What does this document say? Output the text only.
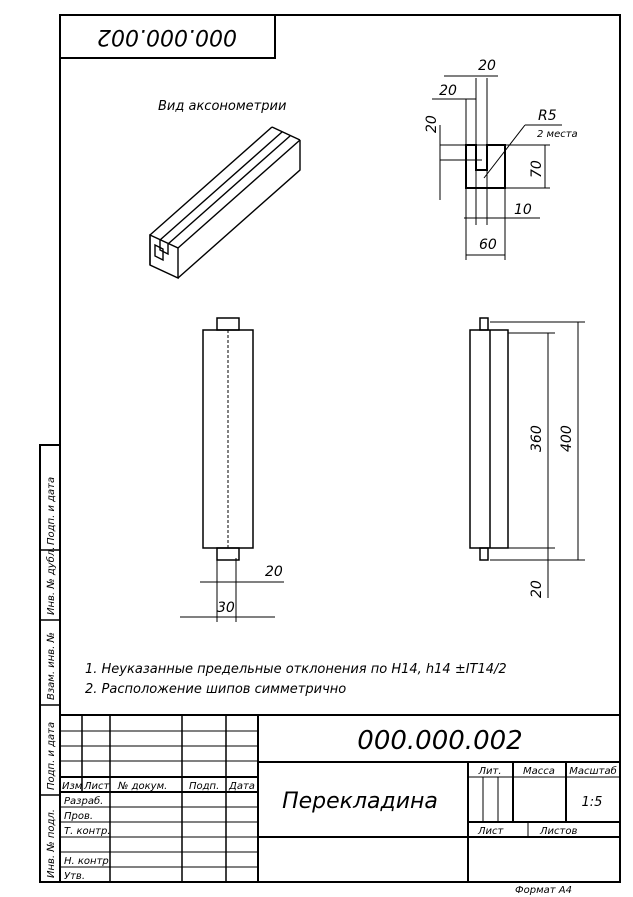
000.000.002
Подп. и дата
Инв. № дубл.
Взам. инв. №
Подп. и дата
Инв. № подл.
Вид аксонометрии
20
20
20	R5
2 места
70
10
60
20
30
360 400
20
1. Неуказанные предельные отклонения по H14, h14 ±IT14/2
2. Расположение шипов симметрично
Изм Лист № докум. Подп. Дата
Разраб.
Пров.
Т. контр.
Н. контр.
Утв.
000.000.002
Перекладина
Лит. Масса Масштаб
1:5
Лист	Листов
Формат А4
